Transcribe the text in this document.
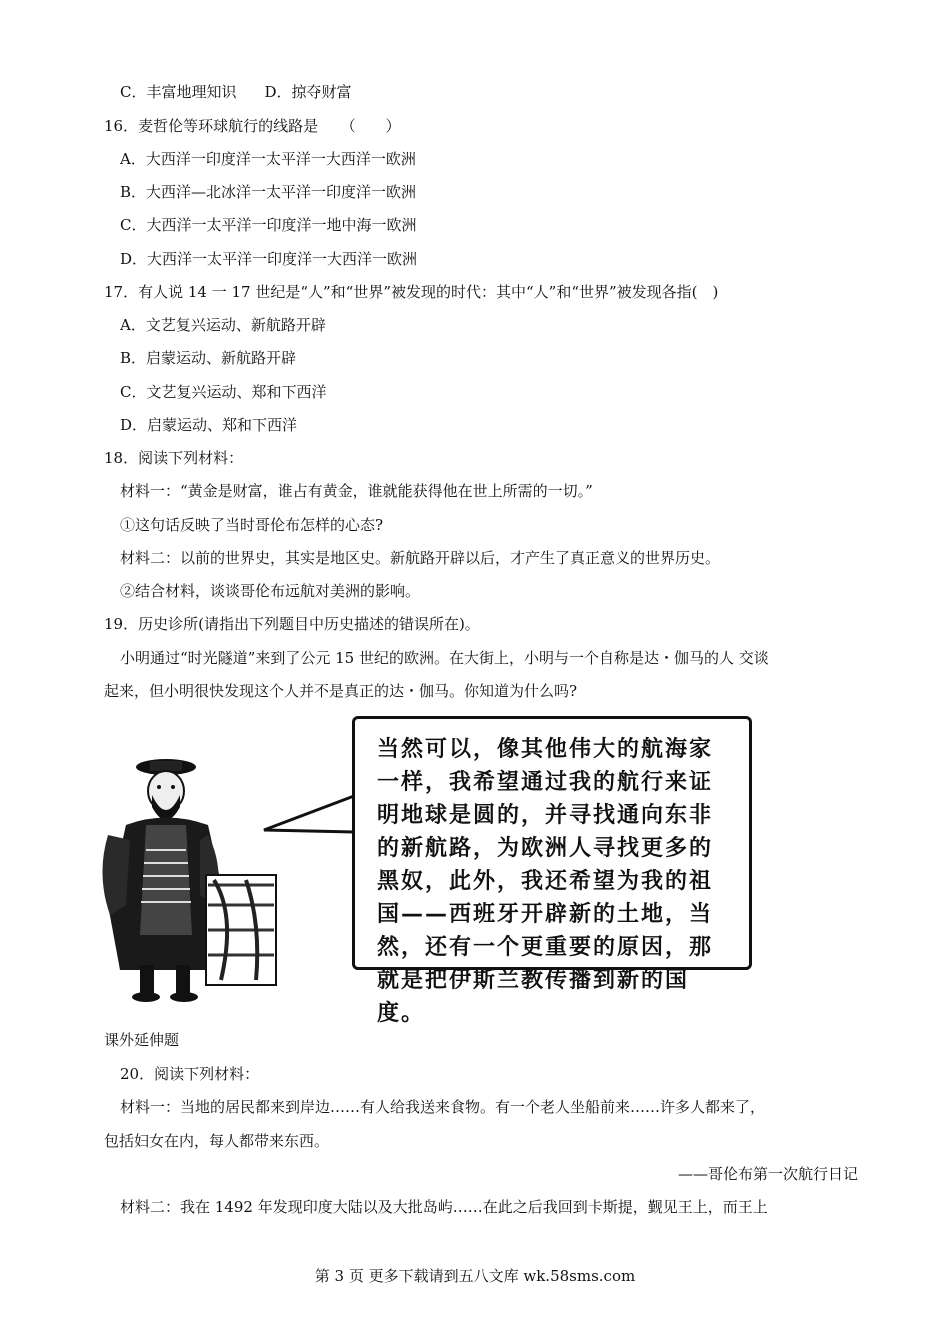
C．丰富地理知识 D．掠夺财富
16．麦哲伦等环球航行的线路是　　（　　）
A．大西洋一印度洋一太平洋一大西洋一欧洲
B．大西洋—北冰洋一太平洋一印度洋一欧洲
C．大西洋一太平洋一印度洋一地中海一欧洲
D．大西洋一太平洋一印度洋一大西洋一欧洲
17．有人说 14 一 17 世纪是“人”和“世界”被发现的时代：其中“人”和“世界”被发现各指(　)
A．文艺复兴运动、新航路开辟
B．启蒙运动、新航路开辟
C．文艺复兴运动、郑和下西洋
D．启蒙运动、郑和下西洋
18．阅读下列材料：
材料一：“黄金是财富，谁占有黄金，谁就能获得他在世上所需的一切。”
①这句话反映了当时哥伦布怎样的心态?
材料二：以前的世界史，其实是地区史。新航路开辟以后，才产生了真正意义的世界历史。
②结合材料，谈谈哥伦布远航对美洲的影响。
19．历史诊所(请指出下列题目中历史描述的错误所在)。
小明通过“时光隧道”来到了公元 15 世纪的欧洲。在大街上，小明与一个自称是达・伽马的人 交谈
起来，但小明很快发现这个人并不是真正的达・伽马。你知道为什么吗?
当然可以，像其他伟大的航海家一样，我希望通过我的航行来证明地球是圆的，并寻找通向东非的新航路，为欧洲人寻找更多的黑奴，此外，我还希望为我的祖国——西班牙开辟新的土地，当然，还有一个更重要的原因，那就是把伊斯兰教传播到新的国度。
课外延伸题
20．阅读下列材料：
材料一：当地的居民都来到岸边……有人给我送来食物。有一个老人坐船前来……许多人都来了，
包括妇女在内，每人都带来东西。
——哥伦布第一次航行日记
材料二：我在 1492 年发现印度大陆以及大批岛屿……在此之后我回到卡斯提，觐见王上，而王上
第 3 页 更多下载请到五八文库 wk.58sms.com
